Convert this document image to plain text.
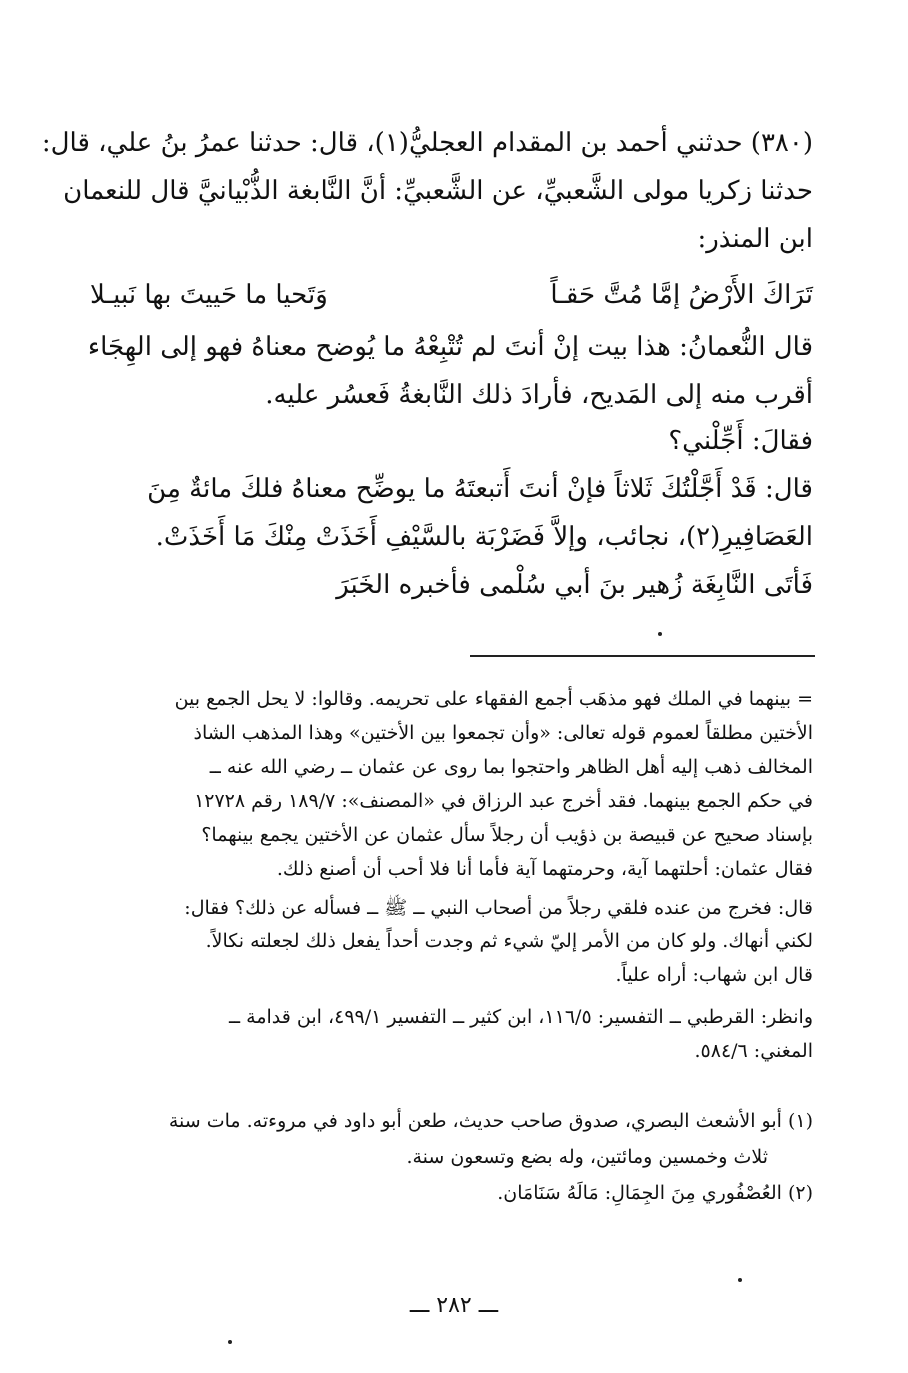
(٣٨٠) حدثني أحمد بن المقدام العجليُّ(١)، قال: حدثنا عمرُ بنُ علي، قال:
حدثنا زكريا مولى الشَّعبيِّ، عن الشَّعبيِّ: أنَّ النَّابغة الذُّبْيانيَّ قال للنعمان
ابن المنذر:
تَرَاكَ الأَرْضُ إمَّا مُتَّ حَقـاً
وَتَحيا ما حَييتَ بها نَبيـلا
قال النُّعمانُ: هذا بيت إنْ أنتَ لم تُتْبِعْهُ ما يُوضح معناهُ فهو إلى الهِجَاء
أقرب منه إلى المَديح، فأرادَ ذلك النَّابغةُ فَعسُر عليه.
فقالَ: أَجِّلْني؟
قال: قَدْ أَجَّلْتُكَ ثَلاثاً فإنْ أنتَ أَتبعتَهُ ما يوضِّح معناهُ فلكَ مائةٌ مِنَ
العَصَافِيرِ(٢)، نجائب، وإلاَّ فَضَرْبَة بالسَّيْفِ أَخَذَتْ مِنْكَ مَا أَخَذَتْ.
فَأتَى النَّابِغَة زُهير بنَ أبي سُلْمى فأخبره الخَبَرَ
= بينهما في الملك فهو مذهَب أجمع الفقهاء على تحريمه. وقالوا: لا يحل الجمع بين
الأختين مطلقاً لعموم قوله تعالى: «وأن تجمعوا بين الأختين» وهذا المذهب الشاذ
المخالف ذهب إليه أهل الظاهر واحتجوا بما روى عن عثمان ــ رضي الله عنه ــ
في حكم الجمع بينهما. فقد أخرج عبد الرزاق في «المصنف»: ١٨٩/٧ رقم ١٢٧٢٨
بإسناد صحيح عن قبيصة بن ذؤيب أن رجلاً سأل عثمان عن الأختين يجمع بينهما؟
فقال عثمان: أحلتهما آية، وحرمتهما آية فأما أنا فلا أحب أن أصنع ذلك.
قال: فخرج من عنده فلقي رجلاً من أصحاب النبي ــ ﷺ ــ فسأله عن ذلك؟ فقال:
لكني أنهاك. ولو كان من الأمر إليّ شيء ثم وجدت أحداً يفعل ذلك لجعلته نكالاً.
قال ابن شهاب: أراه علياً.
وانظر: القرطبي ــ التفسير: ١١٦/٥، ابن كثير ــ التفسير ٤٩٩/١، ابن قدامة ــ
المغني: ٥٨٤/٦.
(١) أبو الأشعث البصري، صدوق صاحب حديث، طعن أبو داود في مروءته. مات سنة
ثلاث وخمسين ومائتين، وله بضع وتسعون سنة.
(٢) العُصْفُوري مِنَ الجِمَالِ: مَالَهُ سَنَامَان.
ـــ ٢٨٢ ـــ
